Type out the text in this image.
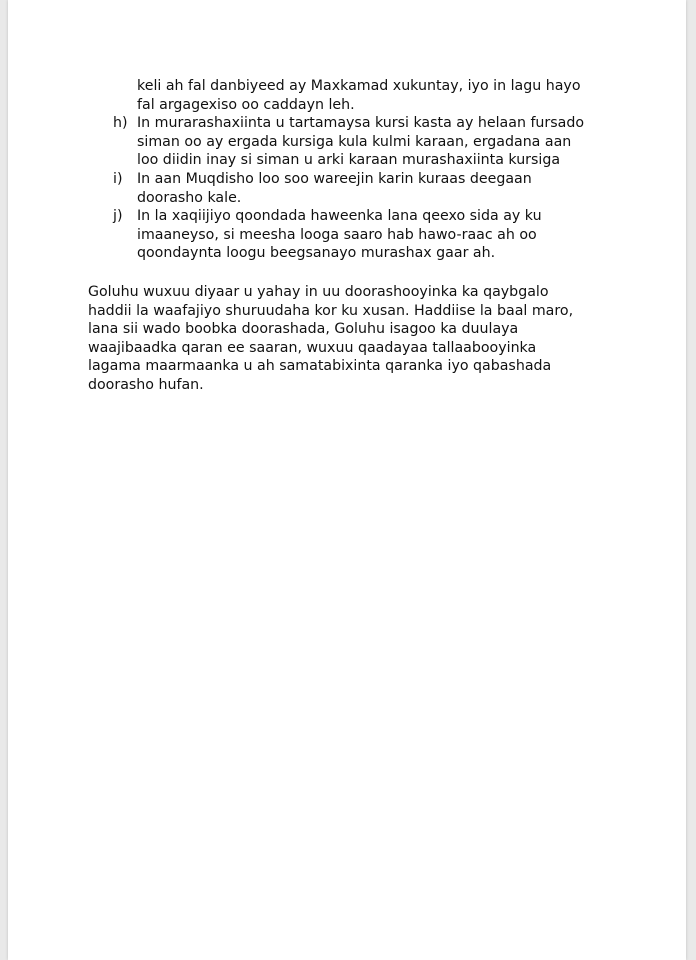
keli ah fal danbiyeed ay Maxkamad xukuntay, iyo in lagu hayo
fal argagexiso oo caddayn leh.
h) In murarashaxiinta u tartamaysa kursi kasta ay helaan fursado
siman oo ay ergada kursiga kula kulmi karaan, ergadana aan
loo diidin inay si siman u arki karaan murashaxiinta kursiga
i) In aan Muqdisho loo soo wareejin karin kuraas deegaan
doorasho kale.
j) In la xaqiijiyo qoondada haweenka lana qeexo sida ay ku
imaaneyso, si meesha looga saaro hab hawo-raac ah oo
qoondaynta loogu beegsanayo murashax gaar ah.
Goluhu wuxuu diyaar u yahay in uu doorashooyinka ka qaybgalo
haddii la waafajiyo shuruudaha kor ku xusan. Haddiise la baal maro,
lana sii wado boobka doorashada, Goluhu isagoo ka duulaya
waajibaadka qaran ee saaran, wuxuu qaadayaa tallaabooyinka
lagama maarmaanka u ah samatabixinta qaranka iyo qabashada
doorasho hufan.
